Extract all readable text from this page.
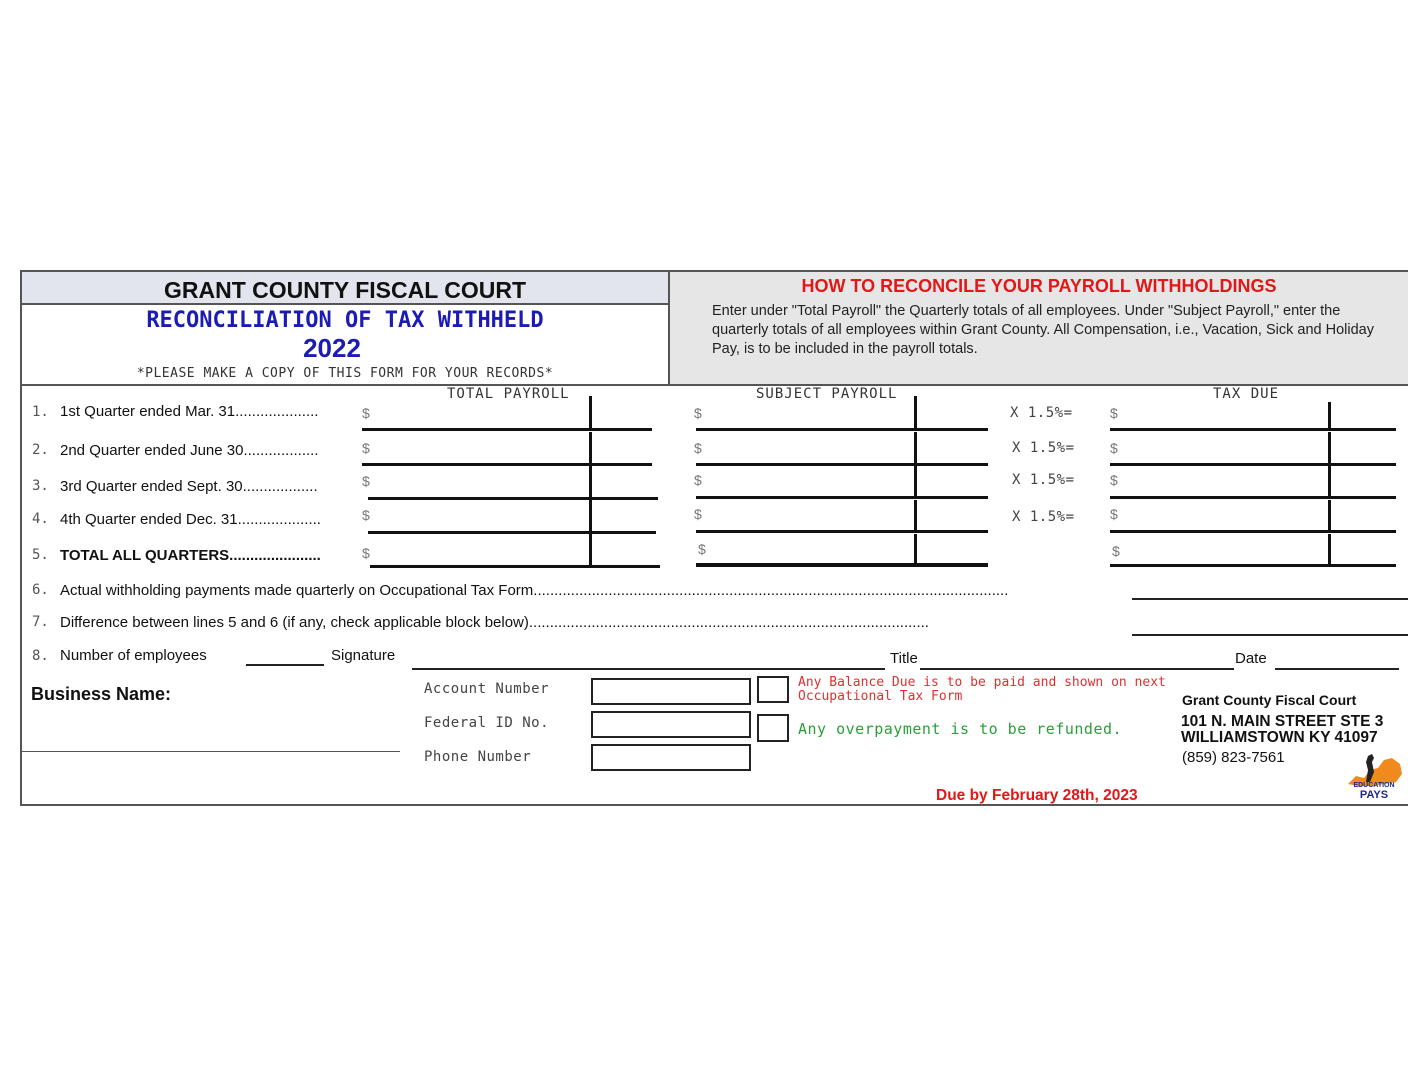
GRANT COUNTY FISCAL COURT
RECONCILIATION OF TAX WITHHELD
2022
*PLEASE MAKE A COPY OF THIS FORM FOR YOUR RECORDS*
HOW TO RECONCILE YOUR PAYROLL WITHHOLDINGS
Enter under "Total Payroll" the Quarterly totals of all employees. Under "Subject Payroll," enter the quarterly totals of all employees within Grant County. All Compensation, i.e., Vacation, Sick and Holiday Pay, is to be included in the payroll totals.
TOTAL PAYROLL	SUBJECT PAYROLL	TAX DUE
1. 1st Quarter ended Mar. 31....................	$	$	X 1.5%=	$
2. 2nd Quarter ended June 30..................	$	$	X 1.5%=	$
3. 3rd Quarter ended Sept. 30..................	$	$	X 1.5%=	$
4. 4th Quarter ended Dec. 31....................	$	$	X 1.5%=	$
5. TOTAL ALL QUARTERS......................	$	$	$
6. Actual withholding payments made quarterly on Occupational Tax Form..................................................................................................................
7. Difference between lines 5 and 6 (if any, check applicable block below)................................................................................................
8. Number of employees	Signature	Title	Date
Business Name:	Account Number
Federal ID No.
Phone Number
Any Balance Due is to be paid and shown on next Occupational Tax Form
Any overpayment is to be refunded.
Grant County Fiscal Court
101 N. MAIN STREET STE 3
WILLIAMSTOWN KY 41097
(859) 823-7561
Due by February 28th, 2023
EDUCATION
PAYS
